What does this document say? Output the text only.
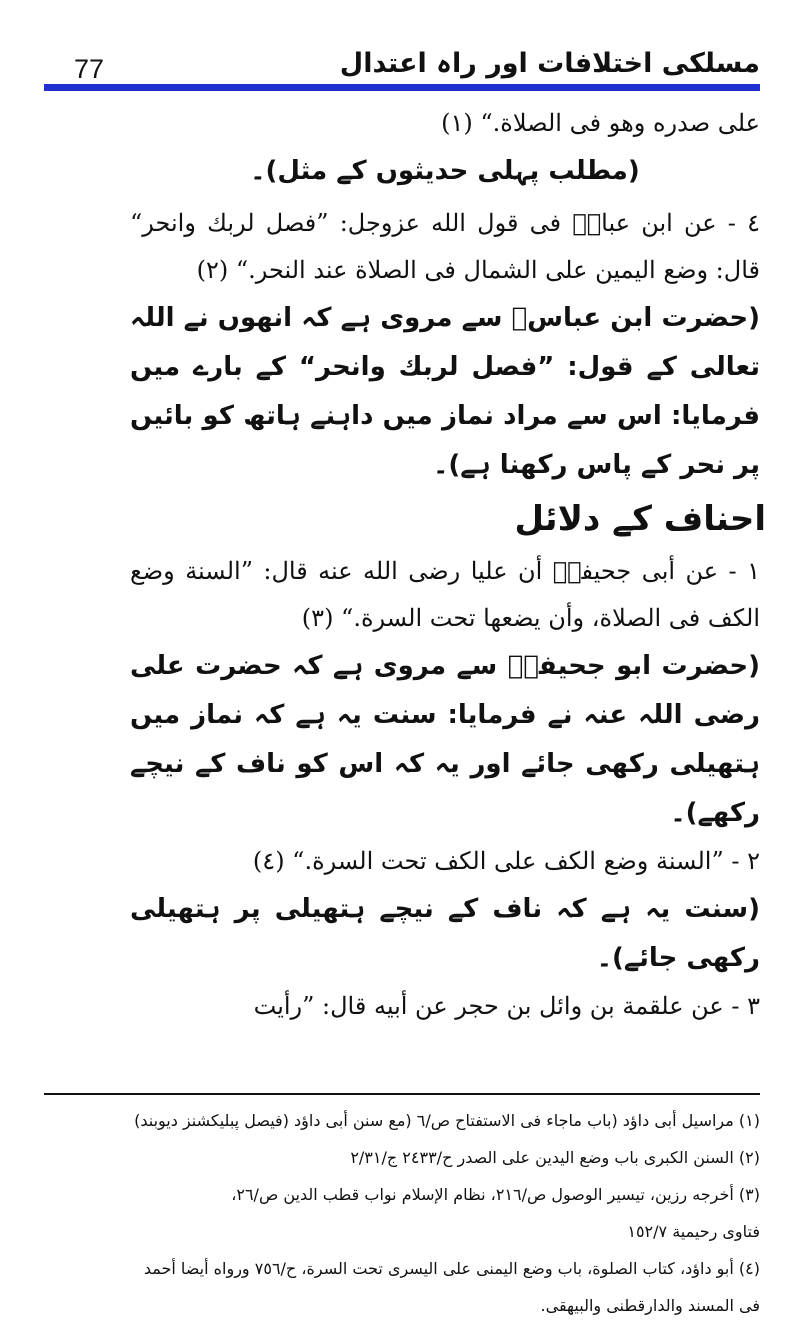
77	مسلکی اختلافات اور راہ اعتدال

على صدره وهو فى الصلاة.“ (١)

(مطلب پہلی حدیثوں کے مثل)۔

٤ - عن ابن عباسؓ فى قول الله عزوجل: ”فصل لربك وانحر“ قال: وضع اليمين على الشمال فى الصلاة عند النحر.“ (٢)

(حضرت ابن عباسؓ سے مروی ہے کہ انھوں نے اللہ تعالی کے قول: ”فصل لربك وانحر“ کے بارے میں فرمایا: اس سے مراد نماز میں داہنے ہاتھ کو بائیں پر نحر کے پاس رکھنا ہے)۔

احناف کے دلائل

١ - عن أبى جحيفةؓ أن عليا رضى الله عنه قال: ”السنة وضع الكف فى الصلاة، وأن يضعها تحت السرة.“ (٣)

(حضرت ابو جحیفہؓ سے مروی ہے کہ حضرت علی رضی اللہ عنہ نے فرمایا: سنت یہ ہے کہ نماز میں ہتھیلی رکھی جائے اور یہ کہ اس کو ناف کے نیچے رکھے)۔

٢ - ”السنة وضع الكف على الكف تحت السرة.“ (٤)

(سنت یہ ہے کہ ناف کے نیچے ہتھیلی پر ہتھیلی رکھی جائے)۔

٣ - عن علقمة بن وائل بن حجر عن أبيه قال: ”رأيت

(١) مراسيل أبى داؤد (باب ماجاء فى الاستفتاح ص/٦ (مع سنن أبى داؤد (فيصل پبليكشنز ديوبند)
(٢) السنن الكبرى باب وضع اليدين على الصدر ح/٢٤٣٣ ج/٢/٣١
(٣) أخرجه رزين، تيسير الوصول ص/٢١٦، نظام الإسلام نواب قطب الدين ص/٢٦،
فتاوى رحيمية ١٥٢/٧
(٤) أبو داؤد، كتاب الصلوة، باب وضع اليمنى على اليسرى تحت السرة، ح/٧٥٦ ورواه أيضا أحمد
فى المسند والدارقطنى والبيهقى.
